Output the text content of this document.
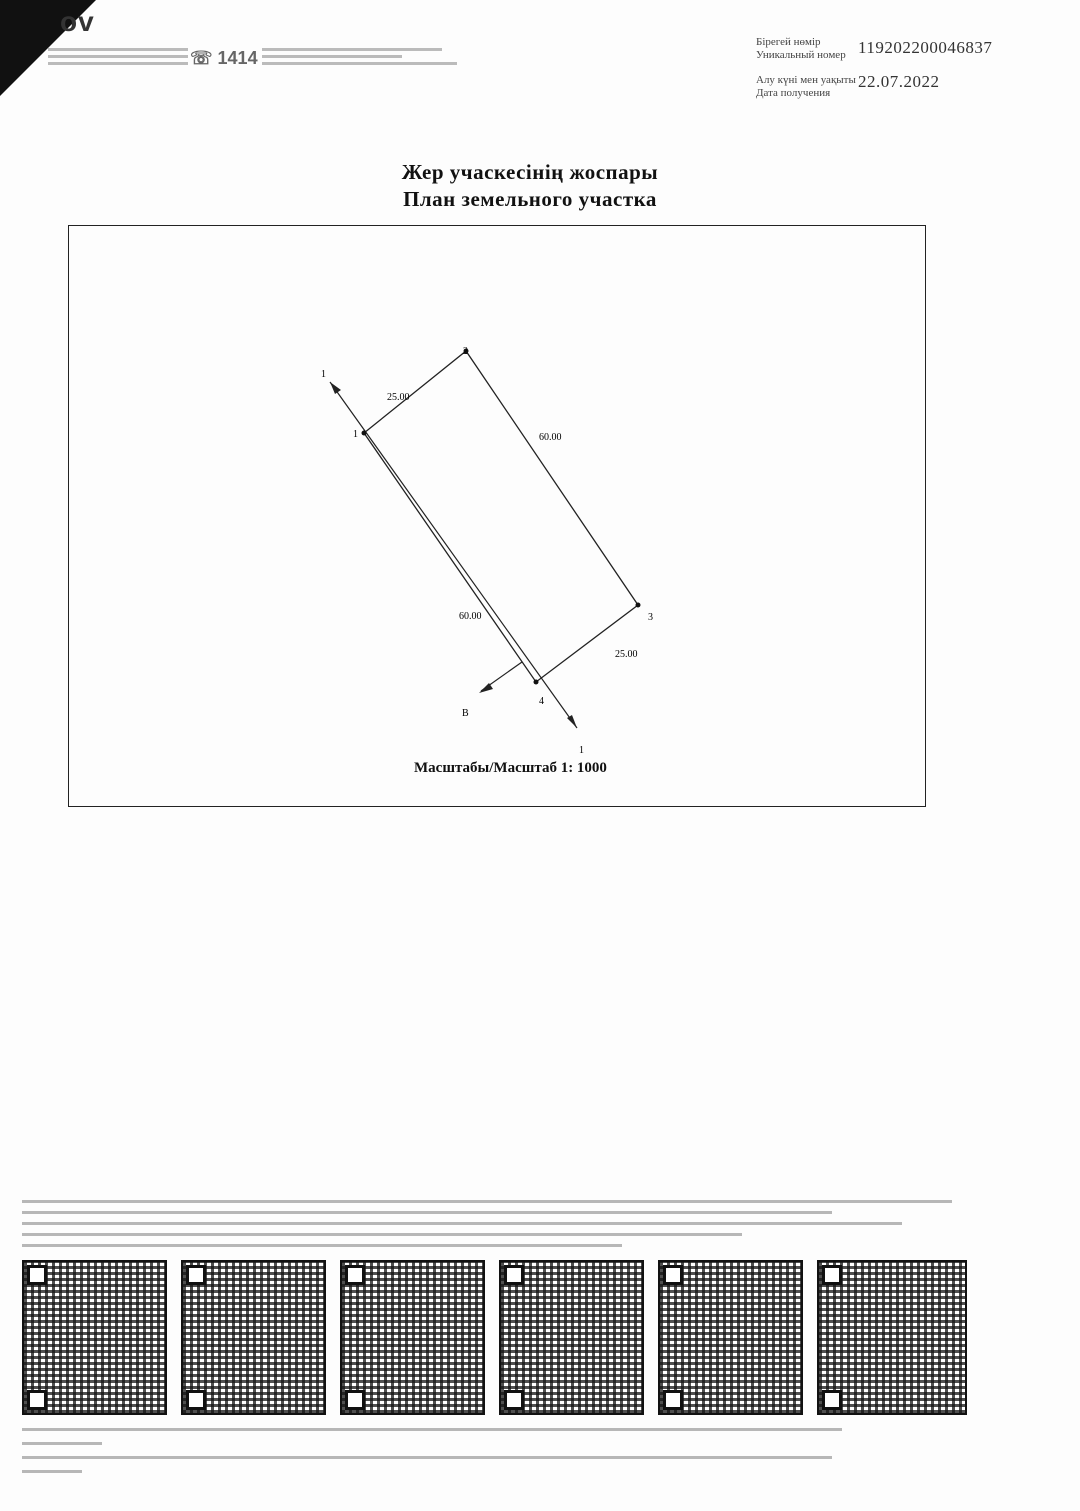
ov
☏ 1414
Бірегей нөмір
Уникальный номер 119202200046837
Алу күні мен уақыты
Дата получения
22.07.2022
Жер учаскесінің жоспары
План земельного участка
1
2
3
4
25.00
60.00
60.00
25.00
1
1
В
Масштабы/Масштаб 1: 1000
